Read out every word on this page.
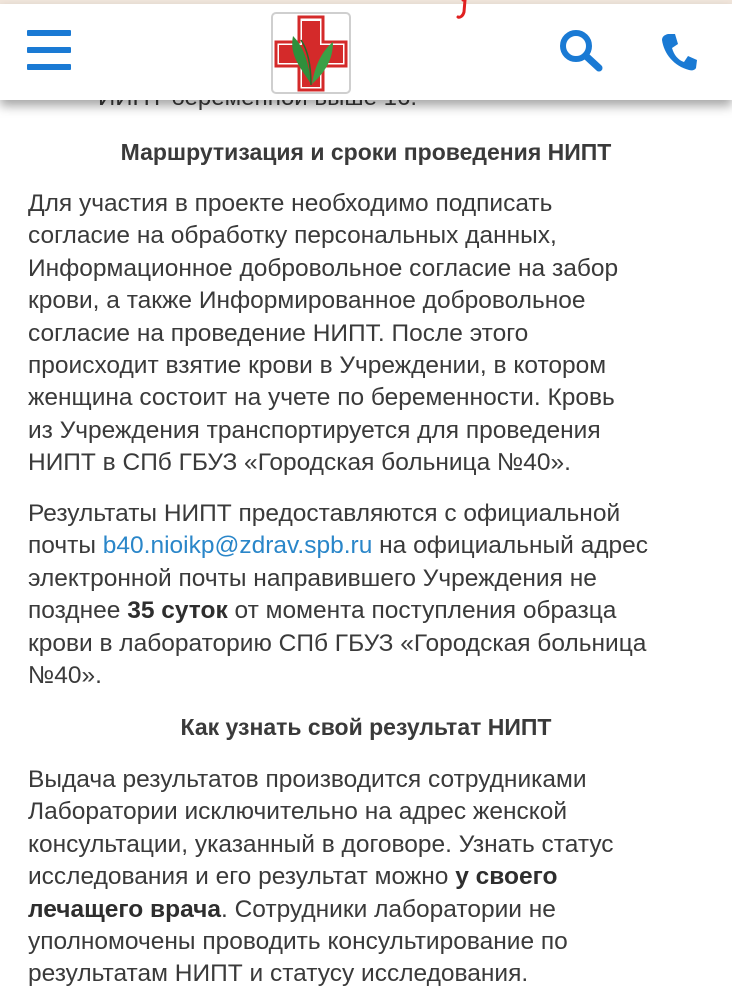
Маршрутизация и сроки проведения НИПТ
Для участия в проекте необходимо подписать
согласие на обработку персональных данных,
Информационное добровольное согласие на забор
крови, а также Информированное добровольное
согласие на проведение НИПТ. После этого
происходит взятие крови в Учреждении, в котором
женщина состоит на учете по беременности. Кровь
из Учреждения транспортируется для проведения
НИПТ в СПб ГБУЗ «Городская больница №40».
Результаты НИПТ предоставляются с официальной
почты b40.nioikp@zdrav.spb.ru на официальный адрес
электронной почты направившего Учреждения не
позднее 35 суток от момента поступления образца
крови в лабораторию СПб ГБУЗ «Городская больница
№40».
Как узнать свой результат НИПТ
Выдача результатов производится сотрудниками
Лаборатории исключительно на адрес женской
консультации, указанный в договоре. Узнать статус
исследования и его результат можно у своего
лечащего врача. Сотрудники лаборатории не
уполномочены проводить консультирование по
результатам НИПТ и статусу исследования.
